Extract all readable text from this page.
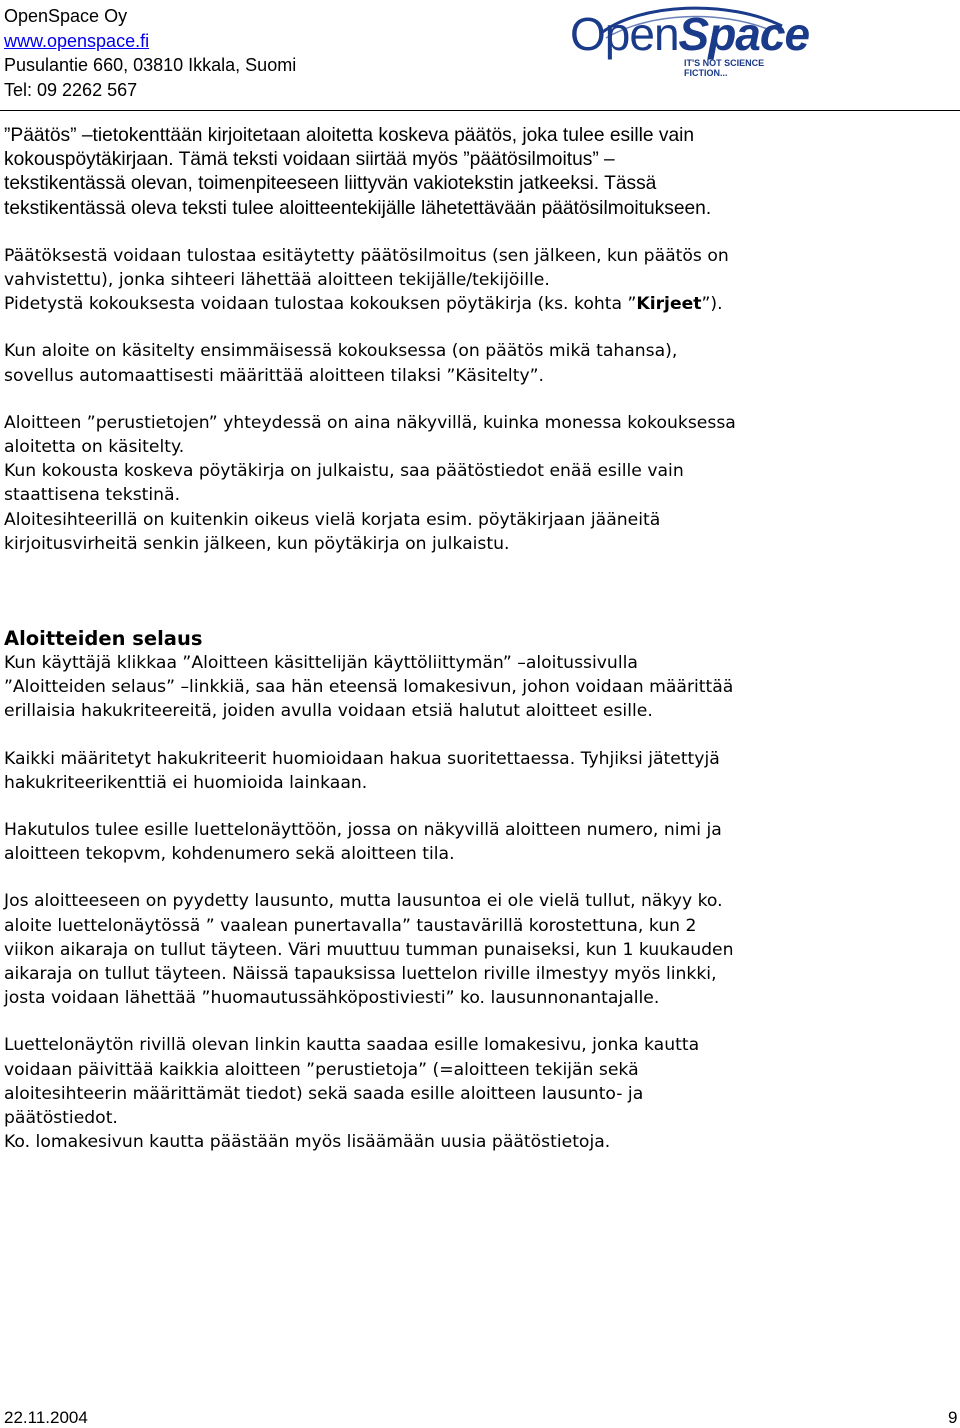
OpenSpace Oy
www.openspace.fi
Pusulantie 660, 03810 Ikkala, Suomi
Tel: 09 2262 567
OpenSpace
IT'S NOT SCIENCE FICTION...

”Päätös” –tietokenttään kirjoitetaan aloitetta koskeva päätös, joka tulee esille vain

kokouspöytäkirjaan. Tämä teksti voidaan siirtää myös ”päätösilmoitus” –

tekstikentässä olevan, toimenpiteeseen liittyvän vakiotekstin jatkeeksi. Tässä

tekstikentässä oleva teksti tulee aloitteentekijälle lähetettävään päätösilmoitukseen.

Päätöksestä voidaan tulostaa esitäytetty päätösilmoitus (sen jälkeen, kun päätös on

vahvistettu), jonka sihteeri lähettää aloitteen tekijälle/tekijöille.

Pidetystä kokouksesta voidaan tulostaa kokouksen pöytäkirja (ks. kohta ”Kirjeet”).

Kun aloite on käsitelty ensimmäisessä kokouksessa (on päätös mikä tahansa),

sovellus automaattisesti määrittää aloitteen tilaksi ”Käsitelty”.

Aloitteen ”perustietojen” yhteydessä on aina näkyvillä, kuinka monessa kokouksessa

aloitetta on käsitelty.

Kun kokousta koskeva pöytäkirja on julkaistu, saa päätöstiedot enää esille vain

staattisena tekstinä.

Aloitesihteerillä on kuitenkin oikeus vielä korjata esim. pöytäkirjaan jääneitä

kirjoitusvirheitä senkin jälkeen, kun pöytäkirja on julkaistu.

Aloitteiden selaus

Kun käyttäjä klikkaa ”Aloitteen käsittelijän käyttöliittymän” –aloitussivulla

”Aloitteiden selaus” –linkkiä, saa hän eteensä lomakesivun, johon voidaan määrittää

erillaisia hakukriteereitä, joiden avulla voidaan etsiä halutut aloitteet esille.

Kaikki määritetyt hakukriteerit huomioidaan hakua suoritettaessa. Tyhjiksi jätettyjä

hakukriteerikenttiä ei huomioida lainkaan.

Hakutulos tulee esille luettelonäyttöön, jossa on näkyvillä aloitteen numero, nimi ja

aloitteen tekopvm, kohdenumero sekä aloitteen tila.

Jos aloitteeseen on pyydetty lausunto, mutta lausuntoa ei ole vielä tullut, näkyy ko.

aloite luettelonäytössä ” vaalean punertavalla” taustavärillä korostettuna, kun 2

viikon aikaraja on tullut täyteen. Väri muuttuu tumman punaiseksi, kun 1 kuukauden

aikaraja on tullut täyteen. Näissä tapauksissa luettelon riville ilmestyy myös linkki,

josta voidaan lähettää ”huomautussähköpostiviesti” ko. lausunnonantajalle.

Luettelonäytön rivillä olevan linkin kautta saadaa esille lomakesivu, jonka kautta

voidaan päivittää kaikkia aloitteen ”perustietoja” (=aloitteen tekijän sekä

aloitesihteerin määrittämät tiedot) sekä saada esille aloitteen lausunto- ja

päätöstiedot.

Ko. lomakesivun kautta päästään myös lisäämään uusia päätöstietoja.

22.11.2004	9
